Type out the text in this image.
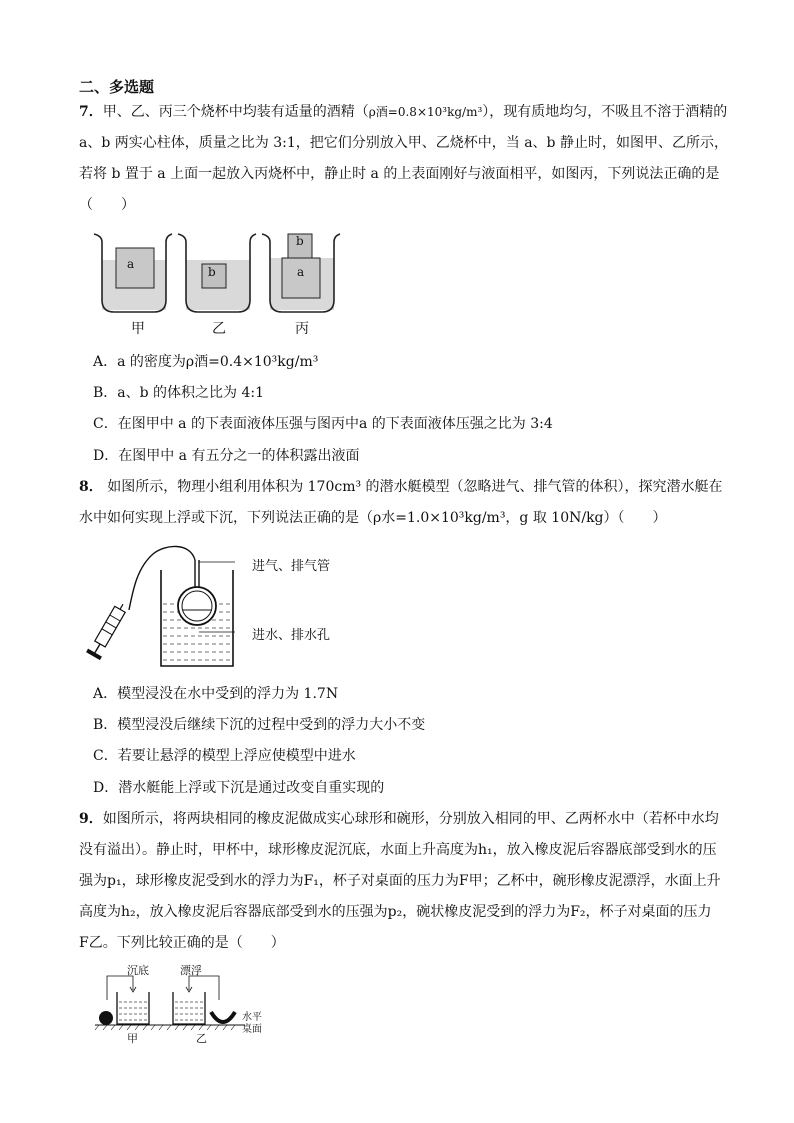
二、多选题
7．甲、乙、丙三个烧杯中均装有适量的酒精（ρ酒=0.8×10³kg/m³），现有质地均匀，不吸且不溶于酒精的
a、b 两实心柱体，质量之比为 3:1，把它们分别放入甲、乙烧杯中，当 a、b 静止时，如图甲、乙所示，
若将 b 置于 a 上面一起放入丙烧杯中，静止时 a 的上表面刚好与液面相平，如图丙，下列说法正确的是
（　　）
a
b
b
a
甲	乙	丙
A．a 的密度为ρ酒=0.4×10³kg/m³
B．a、b 的体积之比为 4:1
C．在图甲中 a 的下表面液体压强与图丙中a 的下表面液体压强之比为 3:4
D．在图甲中 a 有五分之一的体积露出液面
8． 如图所示，物理小组利用体积为 170cm³ 的潜水艇模型（忽略进气、排气管的体积），探究潜水艇在
水中如何实现上浮或下沉，下列说法正确的是（ρ水=1.0×10³kg/m³，g 取 10N/kg）（　　）
进气、排气管
进水、排水孔
A．模型浸没在水中受到的浮力为 1.7N
B．模型浸没后继续下沉的过程中受到的浮力大小不变
C．若要让悬浮的模型上浮应使模型中进水
D．潜水艇能上浮或下沉是通过改变自重实现的
9．如图所示，将两块相同的橡皮泥做成实心球形和碗形，分别放入相同的甲、乙两杯水中（若杯中水均
没有溢出）。静止时，甲杯中，球形橡皮泥沉底，水面上升高度为h₁，放入橡皮泥后容器底部受到水的压
强为p₁，球形橡皮泥受到水的浮力为F₁，杯子对桌面的压力为F甲；乙杯中，碗形橡皮泥漂浮，水面上升
高度为h₂，放入橡皮泥后容器底部受到水的压强为p₂，碗状橡皮泥受到的浮力为F₂，杯子对桌面的压力
F乙。下列比较正确的是（　　）
沉底	漂浮
甲	乙
水平
桌面
